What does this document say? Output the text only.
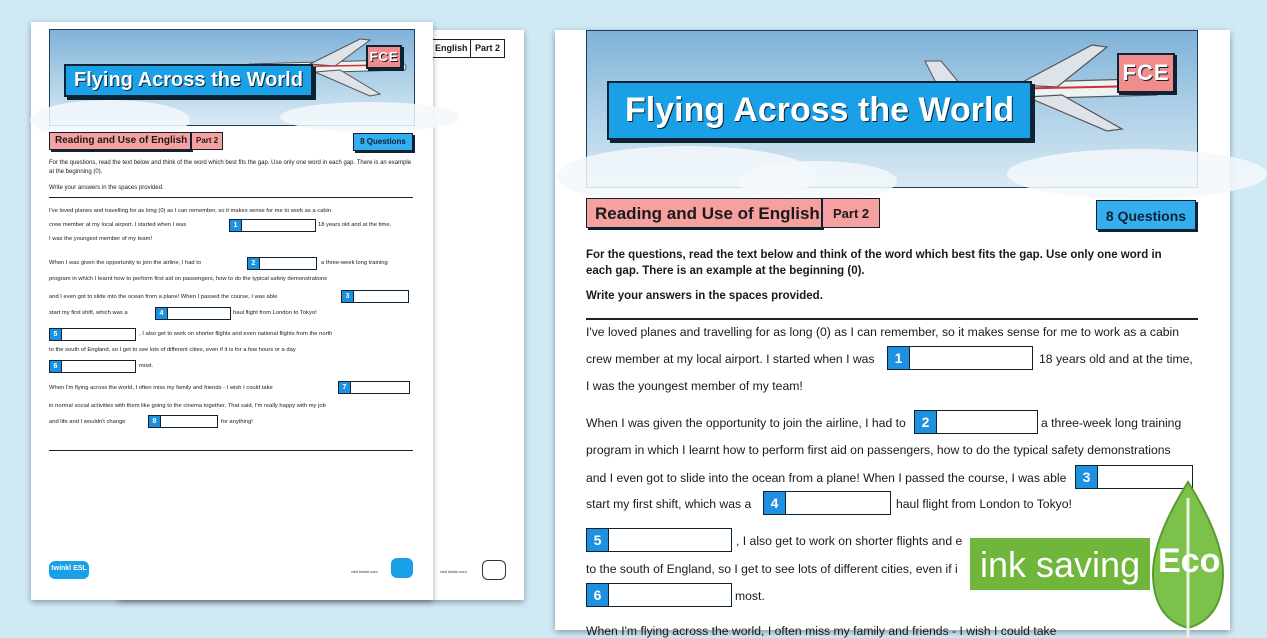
English Part 2
visit twinkl.com
Flying Across the World
FCE
Reading and Use of English	Part 2	8 Questions
For the questions, read the text below and think of the word which best fits the gap. Use only one word in each gap. There is an example at the beginning (0).
Write your answers in the spaces provided.
I've loved planes and travelling for as long (0) as I can remember, so it makes sense for me to work as a cabin
crew member at my local airport. I started when I was	1	18 years old and at the time,
I was the youngest member of my team!
When I was given the opportunity to join the airline, I had to	2	a three-week long training
program in which I learnt how to perform first aid on passengers, how to do the typical safety demonstrations
and I even got to slide into the ocean from a plane! When I passed the course, I was able	3
start my first shift, which was a	4	haul flight from London to Tokyo!
5	, I also get to work on shorter flights and even national flights from the north
to the south of England, so I get to see lots of different cities, even if it is for a few hours or a day
6	most.
When I'm flying across the world, I often miss my family and friends - I wish I could take	7
in normal social activities with them like going to the cinema together. That said, I'm really happy with my job
and life and I wouldn't change	8	for anything!
twinkl ESL	visit twinkl.com
Flying Across the World
FCE
Reading and Use of English	Part 2	8 Questions
For the questions, read the text below and think of the word which best fits the gap. Use only one word in
each gap. There is an example at the beginning (0).
Write your answers in the spaces provided.
I've loved planes and travelling for as long (0) as I can remember, so it makes sense for me to work as a cabin
crew member at my local airport. I started when I was	1	18 years old and at the time,
I was the youngest member of my team!
When I was given the opportunity to join the airline, I had to	2	a three-week long training
program in which I learnt how to perform first aid on passengers, how to do the typical safety demonstrations
and I even got to slide into the ocean from a plane! When I passed the course, I was able	3
start my first shift, which was a	4	haul flight from London to Tokyo!
5	, I also get to work on shorter flights and e
to the south of England, so I get to see lots of different cities, even if i
6	most.
When I'm flying across the world, I often miss my family and friends - I wish I could take
ink saving Eco
